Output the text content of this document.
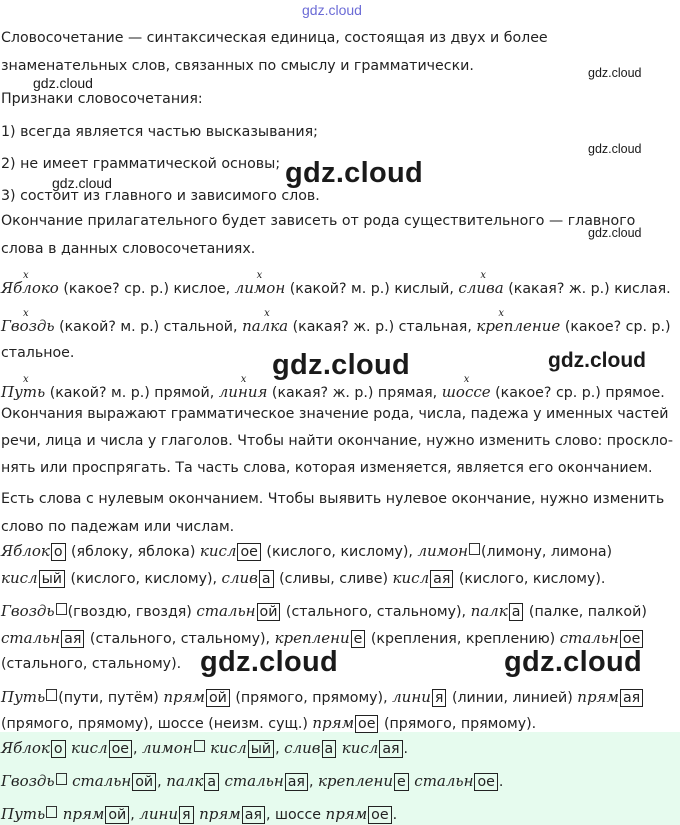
Словосочетание — синтаксическая единица, состоящая из двух и более
знаменательных слов, связанных по смыслу и грамматически.
Признаки словосочетания:
1) всегда является частью высказывания;
2) не имеет грамматической основы;
3) состоит из главного и зависимого слов.
Окончание прилагательного будет зависеть от рода существительного — главного
слова в данных словосочетаниях.
Яблоко
x
(какое? ср. р.) кислое, лимон
x
(какой? м. р.) кислый, слива
x
(какая? ж. р.) кислая.
Гвоздь
x
(какой? м. р.) стальной, палка
x
(какая? ж. р.) стальная, крепление
x
(какое? ср. р.)
стальное.
Путь
x
(какой? м. р.) прямой, линия
x
(какая? ж. р.) прямая, шоссе
x
(какое? ср. р.) прямое.
Окончания выражают грамматическое значение рода, числа, падежа у именных частей
речи, лица и числа у глаголов. Чтобы найти окончание, нужно изменить слово: проскло-
нять или проспрягать. Та часть слова, которая изменяется, является его окончанием.
Есть слова с нулевым окончанием. Чтобы выявить нулевое окончание, нужно изменить
слово по падежам или числам.
Яблок о (яблоку, яблока) кисл ое (кислого, кислому), лимон (лимону, лимона)
кисл ый (кислого, кислому), слив а (сливы, сливе) кисл ая (кислого, кислому).
Гвоздь (гвоздю, гвоздя) стальн ой (стального, стальному), палк а (палке, палкой)
стальн ая (стального, стальному), креплени е (крепления, креплению) стальн ое
(стального, стальному).
Путь (пути, путём) прям ой (прямого, прямому), лини я (линии, линией) прям ая
(прямого, прямому), шоссе (неизм. сущ.) прям ое (прямого, прямому).
Яблок о кисл ое , лимон кисл ый , слив а кисл ая .
Гвоздь стальн ой , палк а стальн ая , креплени е стальн ое .
Путь прям ой , лини я прям ая , шоссе прям ое .
gdz.cloud
gdz.cloud
gdz.cloud
gdz.cloud
gdz.cloud	gdz.cloud
gdz.cloud
gdz.cloud	gdz.cloud
gdz.cloud	gdz.cloud
